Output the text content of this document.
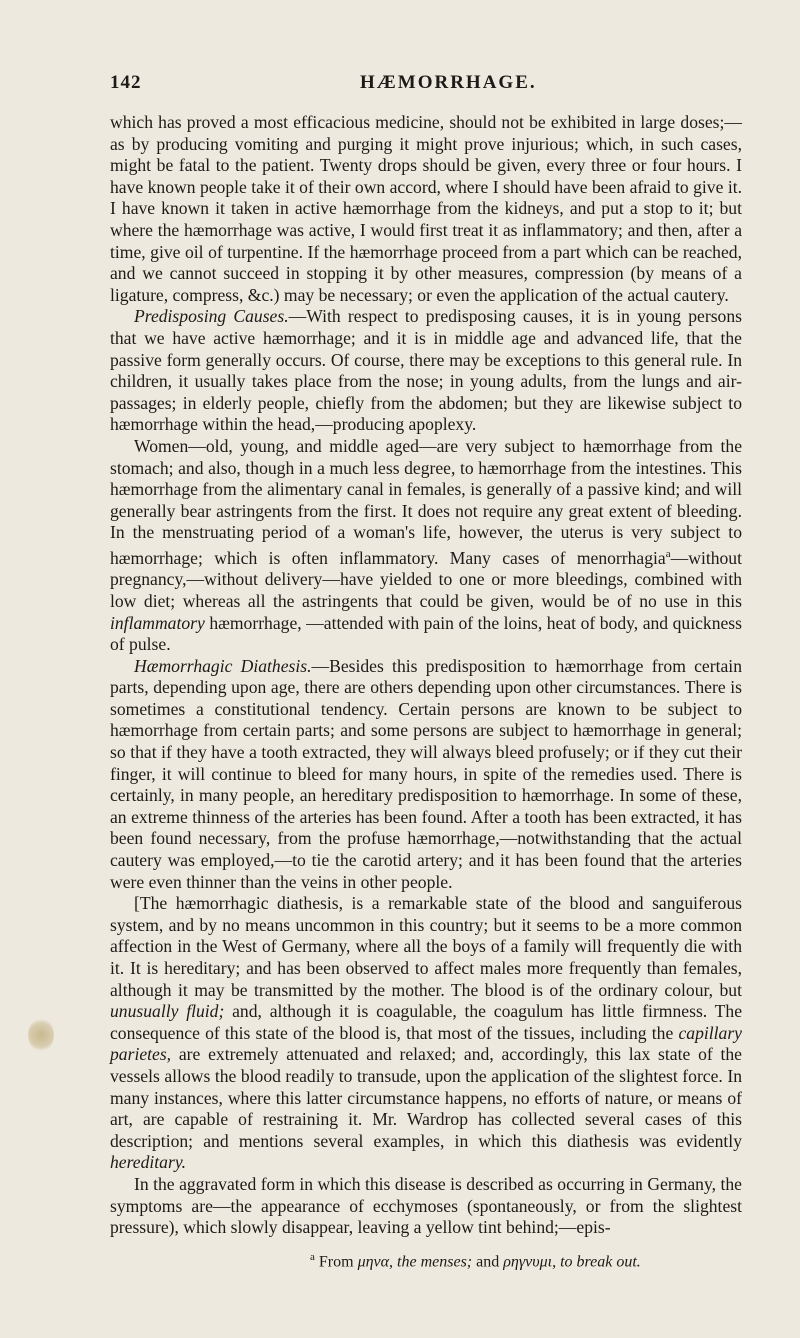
142	HÆMORRHAGE.

which has proved a most efficacious medicine, should not be exhibited in large doses;—as by producing vomiting and purging it might prove injurious; which, in such cases, might be fatal to the patient. Twenty drops should be given, every three or four hours. I have known people take it of their own accord, where I should have been afraid to give it. I have known it taken in active hæmorrhage from the kidneys, and put a stop to it; but where the hæmorrhage was active, I would first treat it as inflammatory; and then, after a time, give oil of turpentine. If the hæmorrhage proceed from a part which can be reached, and we cannot succeed in stopping it by other measures, compression (by means of a ligature, compress, &c.) may be necessary; or even the application of the actual cautery.

Predisposing Causes.—With respect to predisposing causes, it is in young persons that we have active hæmorrhage; and it is in middle age and advanced life, that the passive form generally occurs. Of course, there may be exceptions to this general rule. In children, it usually takes place from the nose; in young adults, from the lungs and air-passages; in elderly people, chiefly from the abdomen; but they are likewise subject to hæmorrhage within the head,—producing apoplexy.

Women—old, young, and middle aged—are very subject to hæmorrhage from the stomach; and also, though in a much less degree, to hæmorrhage from the intestines. This hæmorrhage from the alimentary canal in females, is generally of a passive kind; and will generally bear astringents from the first. It does not require any great extent of bleeding. In the menstruating period of a woman's life, however, the uterus is very subject to hæmorrhage; which is often inflammatory. Many cases of menorrhagia$^a$—without pregnancy,—without delivery—have yielded to one or more bleedings, combined with low diet; whereas all the astringents that could be given, would be of no use in this inflammatory hæmorrhage, —attended with pain of the loins, heat of body, and quickness of pulse.

Hæmorrhagic Diathesis.—Besides this predisposition to hæmorrhage from certain parts, depending upon age, there are others depending upon other circumstances. There is sometimes a constitutional tendency. Certain persons are known to be subject to hæmorrhage from certain parts; and some persons are subject to hæmorrhage in general; so that if they have a tooth extracted, they will always bleed profusely; or if they cut their finger, it will continue to bleed for many hours, in spite of the remedies used. There is certainly, in many people, an hereditary predisposition to hæmorrhage. In some of these, an extreme thinness of the arteries has been found. After a tooth has been extracted, it has been found necessary, from the profuse hæmorrhage,—notwithstanding that the actual cautery was employed,—to tie the carotid artery; and it has been found that the arteries were even thinner than the veins in other people.

[The hæmorrhagic diathesis, is a remarkable state of the blood and sanguiferous system, and by no means uncommon in this country; but it seems to be a more common affection in the West of Germany, where all the boys of a family will frequently die with it. It is hereditary; and has been observed to affect males more frequently than females, although it may be transmitted by the mother. The blood is of the ordinary colour, but unusually fluid; and, although it is coagulable, the coagulum has little firmness. The consequence of this state of the blood is, that most of the tissues, including the capillary parietes, are extremely attenuated and relaxed; and, accordingly, this lax state of the vessels allows the blood readily to transude, upon the application of the slightest force. In many instances, where this latter circumstance happens, no efforts of nature, or means of art, are capable of restraining it. Mr. Wardrop has collected several cases of this description; and mentions several examples, in which this diathesis was evidently hereditary.

In the aggravated form in which this disease is described as occurring in Germany, the symptoms are—the appearance of ecchymoses (spontaneously, or from the slightest pressure), which slowly disappear, leaving a yellow tint behind;—epis-

$^a$ From μηνα, the menses; and ρηγνυμι, to break out.
